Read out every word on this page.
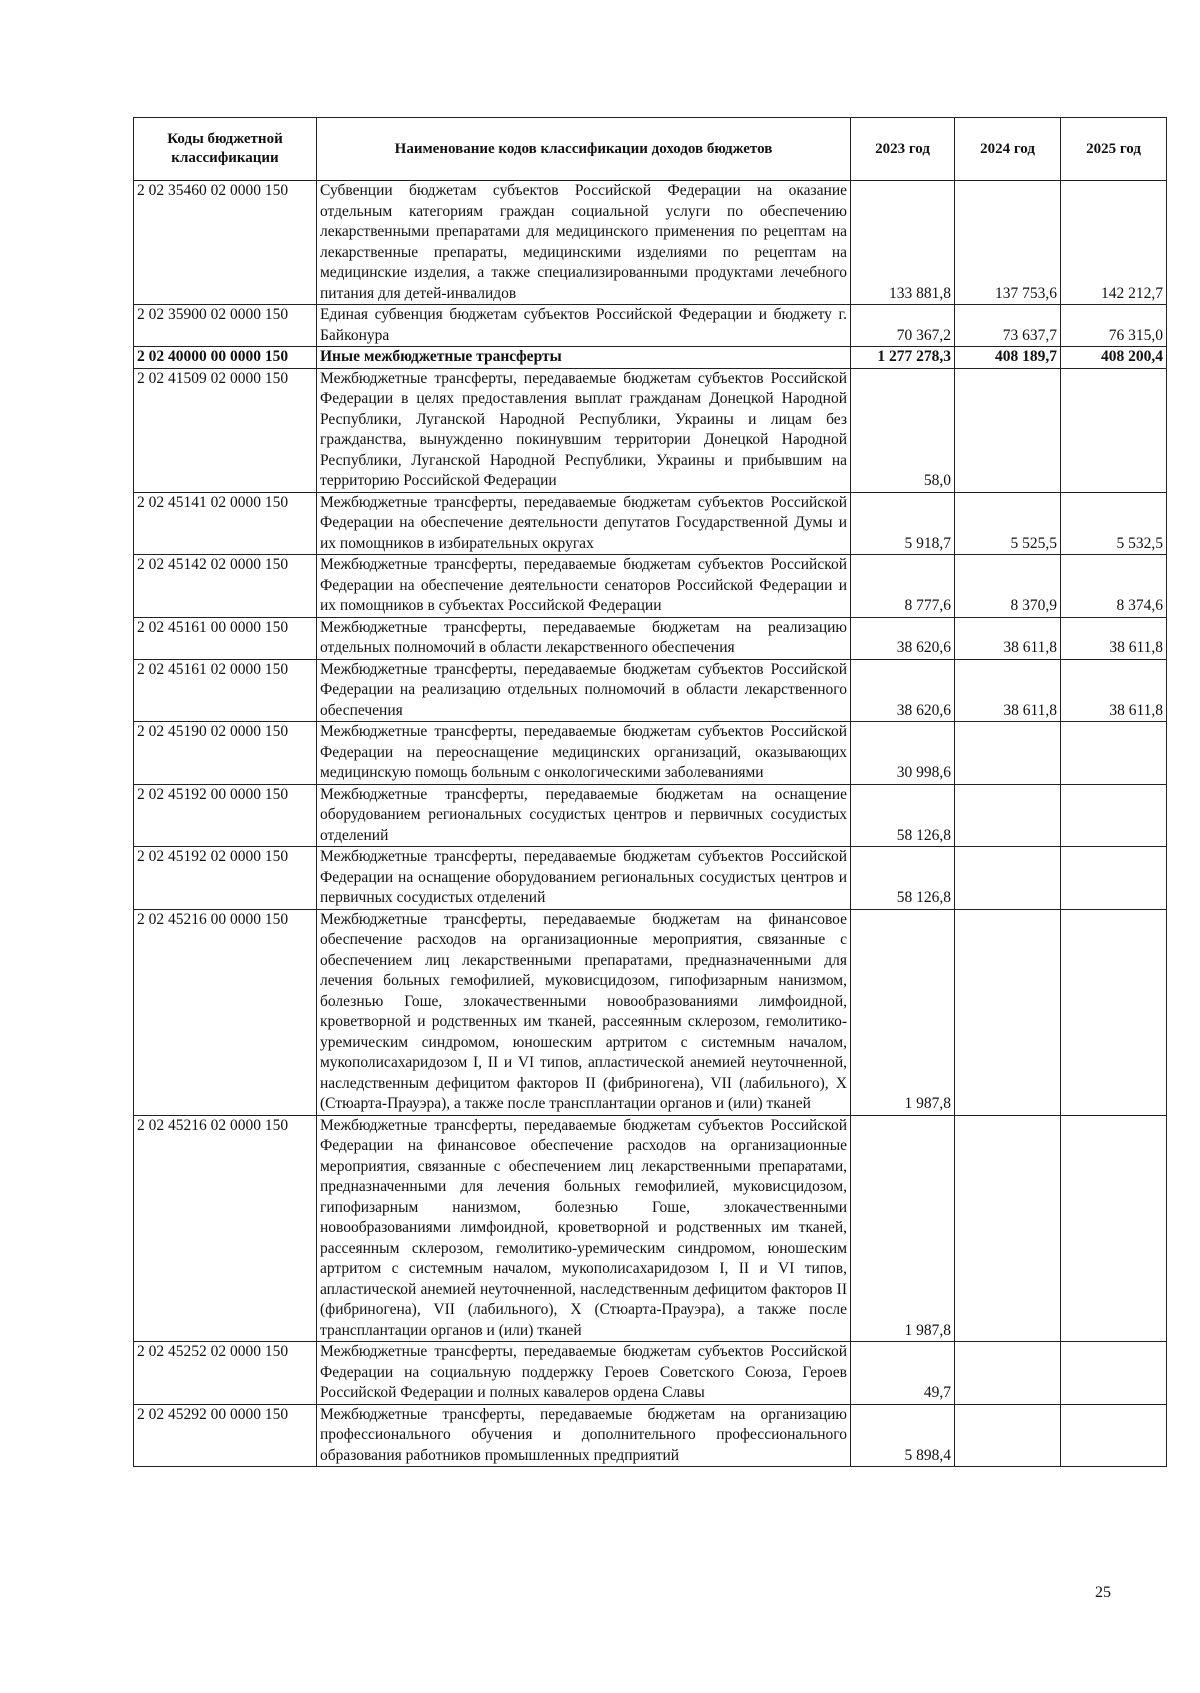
Коды бюджетной классификации	Наименование кодов классификации доходов бюджетов	2023 год	2024 год	2025 год
2 02 35460 02 0000 150	Субвенции бюджетам субъектов Российской Федерации на оказание отдельным категориям граждан социальной услуги по обеспечению лекарственными препаратами для медицинского применения по рецептам на лекарственные препараты, медицинскими изделиями по рецептам на медицинские изделия, а также специализированными продуктами лечебного питания для детей-инвалидов	133 881,8	137 753,6	142 212,7
2 02 35900 02 0000 150	Единая субвенция бюджетам субъектов Российской Федерации и бюджету г. Байконура	70 367,2	73 637,7	76 315,0
2 02 40000 00 0000 150	Иные межбюджетные трансферты	1 277 278,3	408 189,7	408 200,4
2 02 41509 02 0000 150	Межбюджетные трансферты, передаваемые бюджетам субъектов Российской Федерации в целях предоставления выплат гражданам Донецкой Народной Республики, Луганской Народной Республики, Украины и лицам без гражданства, вынужденно покинувшим территории Донецкой Народной Республики, Луганской Народной Республики, Украины и прибывшим на территорию Российской Федерации	58,0		
2 02 45141 02 0000 150	Межбюджетные трансферты, передаваемые бюджетам субъектов Российской Федерации на обеспечение деятельности депутатов Государственной Думы и их помощников в избирательных округах	5 918,7	5 525,5	5 532,5
2 02 45142 02 0000 150	Межбюджетные трансферты, передаваемые бюджетам субъектов Российской Федерации на обеспечение деятельности сенаторов Российской Федерации и их помощников в субъектах Российской Федерации	8 777,6	8 370,9	8 374,6
2 02 45161 00 0000 150	Межбюджетные трансферты, передаваемые бюджетам на реализацию отдельных полномочий в области лекарственного обеспечения	38 620,6	38 611,8	38 611,8
2 02 45161 02 0000 150	Межбюджетные трансферты, передаваемые бюджетам субъектов Российской Федерации на реализацию отдельных полномочий в области лекарственного обеспечения	38 620,6	38 611,8	38 611,8
2 02 45190 02 0000 150	Межбюджетные трансферты, передаваемые бюджетам субъектов Российской Федерации на переоснащение медицинских организаций, оказывающих медицинскую помощь больным с онкологическими заболеваниями	30 998,6		
2 02 45192 00 0000 150	Межбюджетные трансферты, передаваемые бюджетам на оснащение оборудованием региональных сосудистых центров и первичных сосудистых отделений	58 126,8		
2 02 45192 02 0000 150	Межбюджетные трансферты, передаваемые бюджетам субъектов Российской Федерации на оснащение оборудованием региональных сосудистых центров и первичных сосудистых отделений	58 126,8		
2 02 45216 00 0000 150	Межбюджетные трансферты, передаваемые бюджетам на финансовое обеспечение расходов на организационные мероприятия, связанные с обеспечением лиц лекарственными препаратами, предназначенными для лечения больных гемофилией, муковисцидозом, гипофизарным нанизмом, болезнью Гоше, злокачественными новообразованиями лимфоидной, кроветворной и родственных им тканей, рассеянным склерозом, гемолитико-уремическим синдромом, юношеским артритом с системным началом, мукополисахаридозом I, II и VI типов, апластической анемией неуточненной, наследственным дефицитом факторов II (фибриногена), VII (лабильного), X (Стюарта-Прауэра), а также после трансплантации органов и (или) тканей	1 987,8		
2 02 45216 02 0000 150	Межбюджетные трансферты, передаваемые бюджетам субъектов Российской Федерации на финансовое обеспечение расходов на организационные мероприятия, связанные с обеспечением лиц лекарственными препаратами, предназначенными для лечения больных гемофилией, муковисцидозом, гипофизарным нанизмом, болезнью Гоше, злокачественными новообразованиями лимфоидной, кроветворной и родственных им тканей, рассеянным склерозом, гемолитико-уремическим синдромом, юношеским артритом с системным началом, мукополисахаридозом I, II и VI типов, апластической анемией неуточненной, наследственным дефицитом факторов II (фибриногена), VII (лабильного), X (Стюарта-Прауэра), а также после трансплантации органов и (или) тканей	1 987,8		
2 02 45252 02 0000 150	Межбюджетные трансферты, передаваемые бюджетам субъектов Российской Федерации на социальную поддержку Героев Советского Союза, Героев Российской Федерации и полных кавалеров ордена Славы	49,7		
2 02 45292 00 0000 150	Межбюджетные трансферты, передаваемые бюджетам на организацию профессионального обучения и дополнительного профессионального образования работников промышленных предприятий	5 898,4		
25
